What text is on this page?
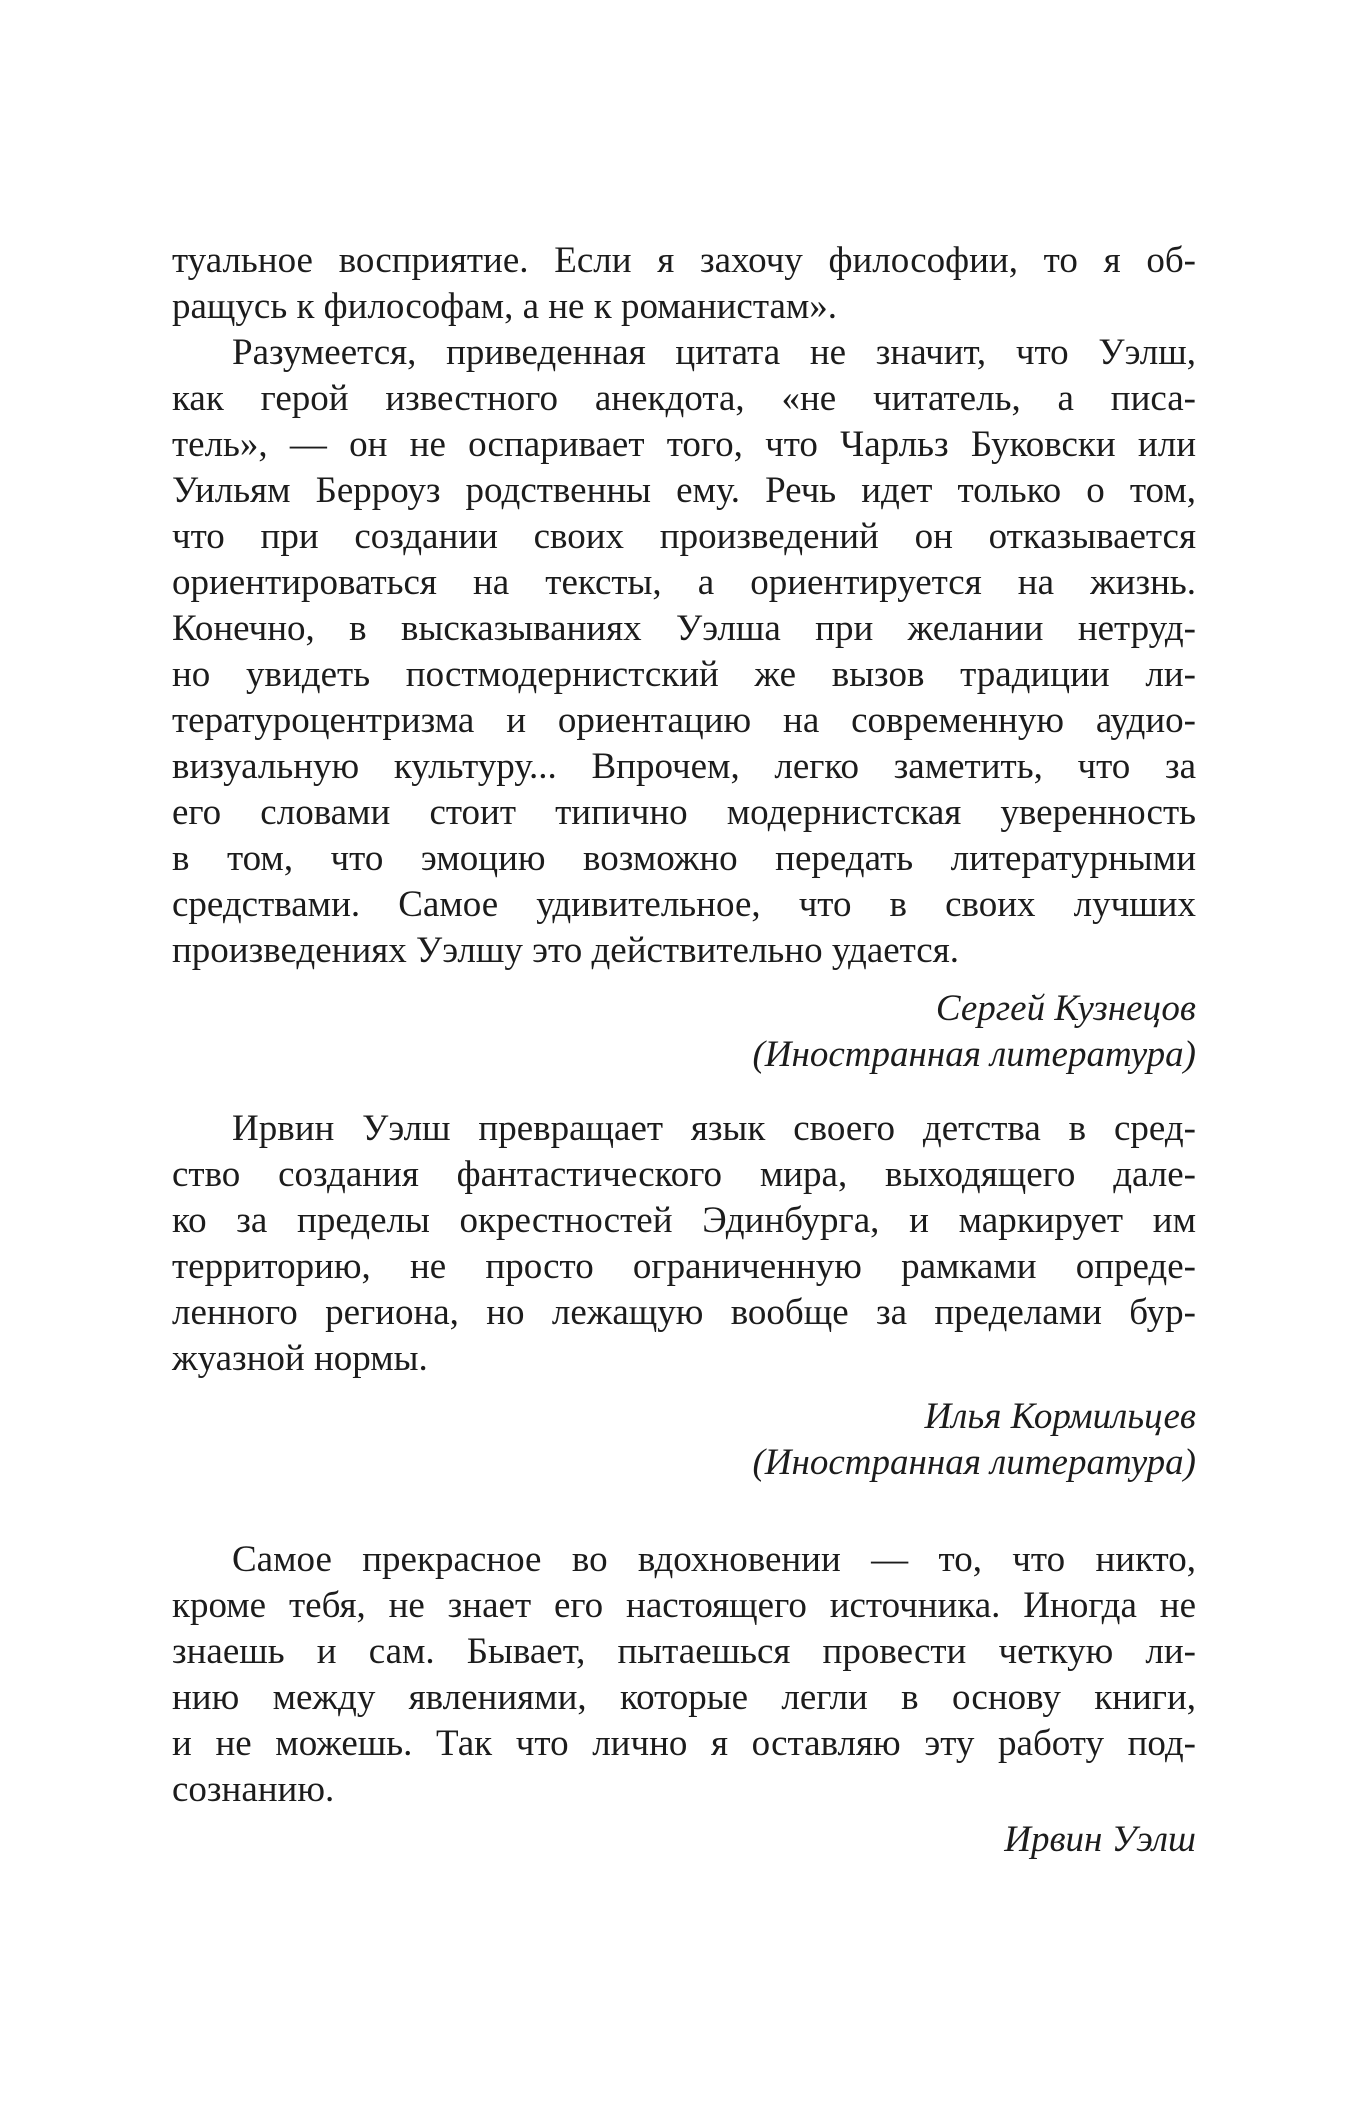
туальное восприятие. Если я захочу философии, то я об-
ращусь к философам, а не к романистам».
Разумеется, приведенная цитата не значит, что Уэлш,
как герой известного анекдота, «не читатель, а писа-
тель», — он не оспаривает того, что Чарльз Буковски или
Уильям Берроуз родственны ему. Речь идет только о том,
что при создании своих произведений он отказывается
ориентироваться на тексты, а ориентируется на жизнь.
Конечно, в высказываниях Уэлша при желании нетруд-
но увидеть постмодернистский же вызов традиции ли-
тературоцентризма и ориентацию на современную аудио-
визуальную культуру... Впрочем, легко заметить, что за
его словами стоит типично модернистская уверенность
в том, что эмоцию возможно передать литературными
средствами. Самое удивительное, что в своих лучших
произведениях Уэлшу это действительно удается.
Сергей Кузнецов
(Иностранная литература)
Ирвин Уэлш превращает язык своего детства в сред-
ство создания фантастического мира, выходящего дале-
ко за пределы окрестностей Эдинбурга, и маркирует им
территорию, не просто ограниченную рамками опреде-
ленного региона, но лежащую вообще за пределами бур-
жуазной нормы.
Илья Кормильцев
(Иностранная литература)
Самое прекрасное во вдохновении — то, что никто,
кроме тебя, не знает его настоящего источника. Иногда не
знаешь и сам. Бывает, пытаешься провести четкую ли-
нию между явлениями, которые легли в основу книги,
и не можешь. Так что лично я оставляю эту работу под-
сознанию.
Ирвин Уэлш
